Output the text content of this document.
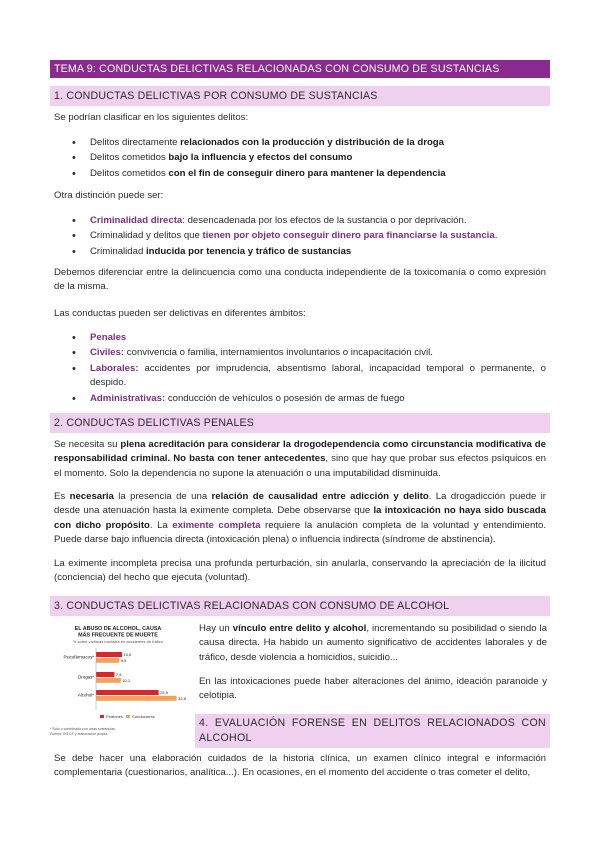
TEMA 9: CONDUCTAS DELICTIVAS RELACIONADAS CON CONSUMO DE SUSTANCIAS
1. CONDUCTAS DELICTIVAS POR CONSUMO DE SUSTANCIAS

Se podrían clasificar en los siguientes delitos:

• Delitos directamente relacionados con la producción y distribución de la droga
• Delitos cometidos bajo la influencia y efectos del consumo
• Delitos cometidos con el fin de conseguir dinero para mantener la dependencia

Otra distinción puede ser:

• Criminalidad directa: desencadenada por los efectos de la sustancia o por deprivación.
• Criminalidad y delitos que tienen por objeto conseguir dinero para financiarse la sustancia.
• Criminalidad inducida por tenencia y tráfico de sustancias

Debemos diferenciar entre la delincuencia como una conducta independiente de la toxicomanía o como expresión de la misma.

Las conductas pueden ser delictivas en diferentes ámbitos:

• Penales
• Civiles: convivencia o familia, internamientos involuntarios o incapacitación civil.
• Laborales: accidentes por imprudencia, absentismo laboral, incapacidad temporal o permanente, o despido.
• Administrativas: conducción de vehículos o posesión de armas de fuego
2. CONDUCTAS DELICTIVAS PENALES

Se necesita su plena acreditación para considerar la drogodependencia como circunstancia modificativa de responsabilidad criminal. No basta con tener antecedentes, sino que hay que probar sus efectos psíquicos en el momento. Solo la dependencia no supone la atenuación o una imputabilidad disminuida.

Es necesaria la presencia de una relación de causalidad entre adicción y delito. La drogadicción puede ir desde una atenuación hasta la eximente completa. Debe observarse que la intoxicación no haya sido buscada con dicho propósito. La eximente completa requiere la anulación completa de la voluntad y entendimiento. Puede darse bajo influencia directa (intoxicación plena) o influencia indirecta (síndrome de abstinencia).

La eximente incompleta precisa una profunda perturbación, sin anularla, conservando la apreciación de la ilicitud (conciencia) del hecho que ejecuta (voluntad).

3. CONDUCTAS DELICTIVAS RELACIONADAS CON CONSUMO DE ALCOHOL
EL ABUSO DE ALCOHOL, CAUSA
MÁS FRECUENTE DE MUERTE
% sobre víctimas mortales en accidentes de tráfico
Psicofármacos*	10,6
9,5
Drogas*	7,5
10,1
Alcohol*	25,5
32,8
Peatones Conductores
* Solo o combinado con otras sustancias
Fuente: INTCF y elaboración propia.

Hay un vínculo entre delito y alcohol, incrementando su posibilidad o siendo la causa directa. Ha habido un aumento significativo de accidentes laborales y de tráfico, desde violencia a homicidios, suicidio...

En las intoxicaciones puede haber alteraciones del ánimo, ideación paranoide y celotipia.

4. EVALUACIÓN FORENSE EN DELITOS RELACIONADOS CON ALCOHOL

Se debe hacer una elaboración cuidados de la historia clínica, un examen clínico integral e información complementaria (cuestionarios, analítica...). En ocasiones, en el momento del accidente o tras cometer el delito,
